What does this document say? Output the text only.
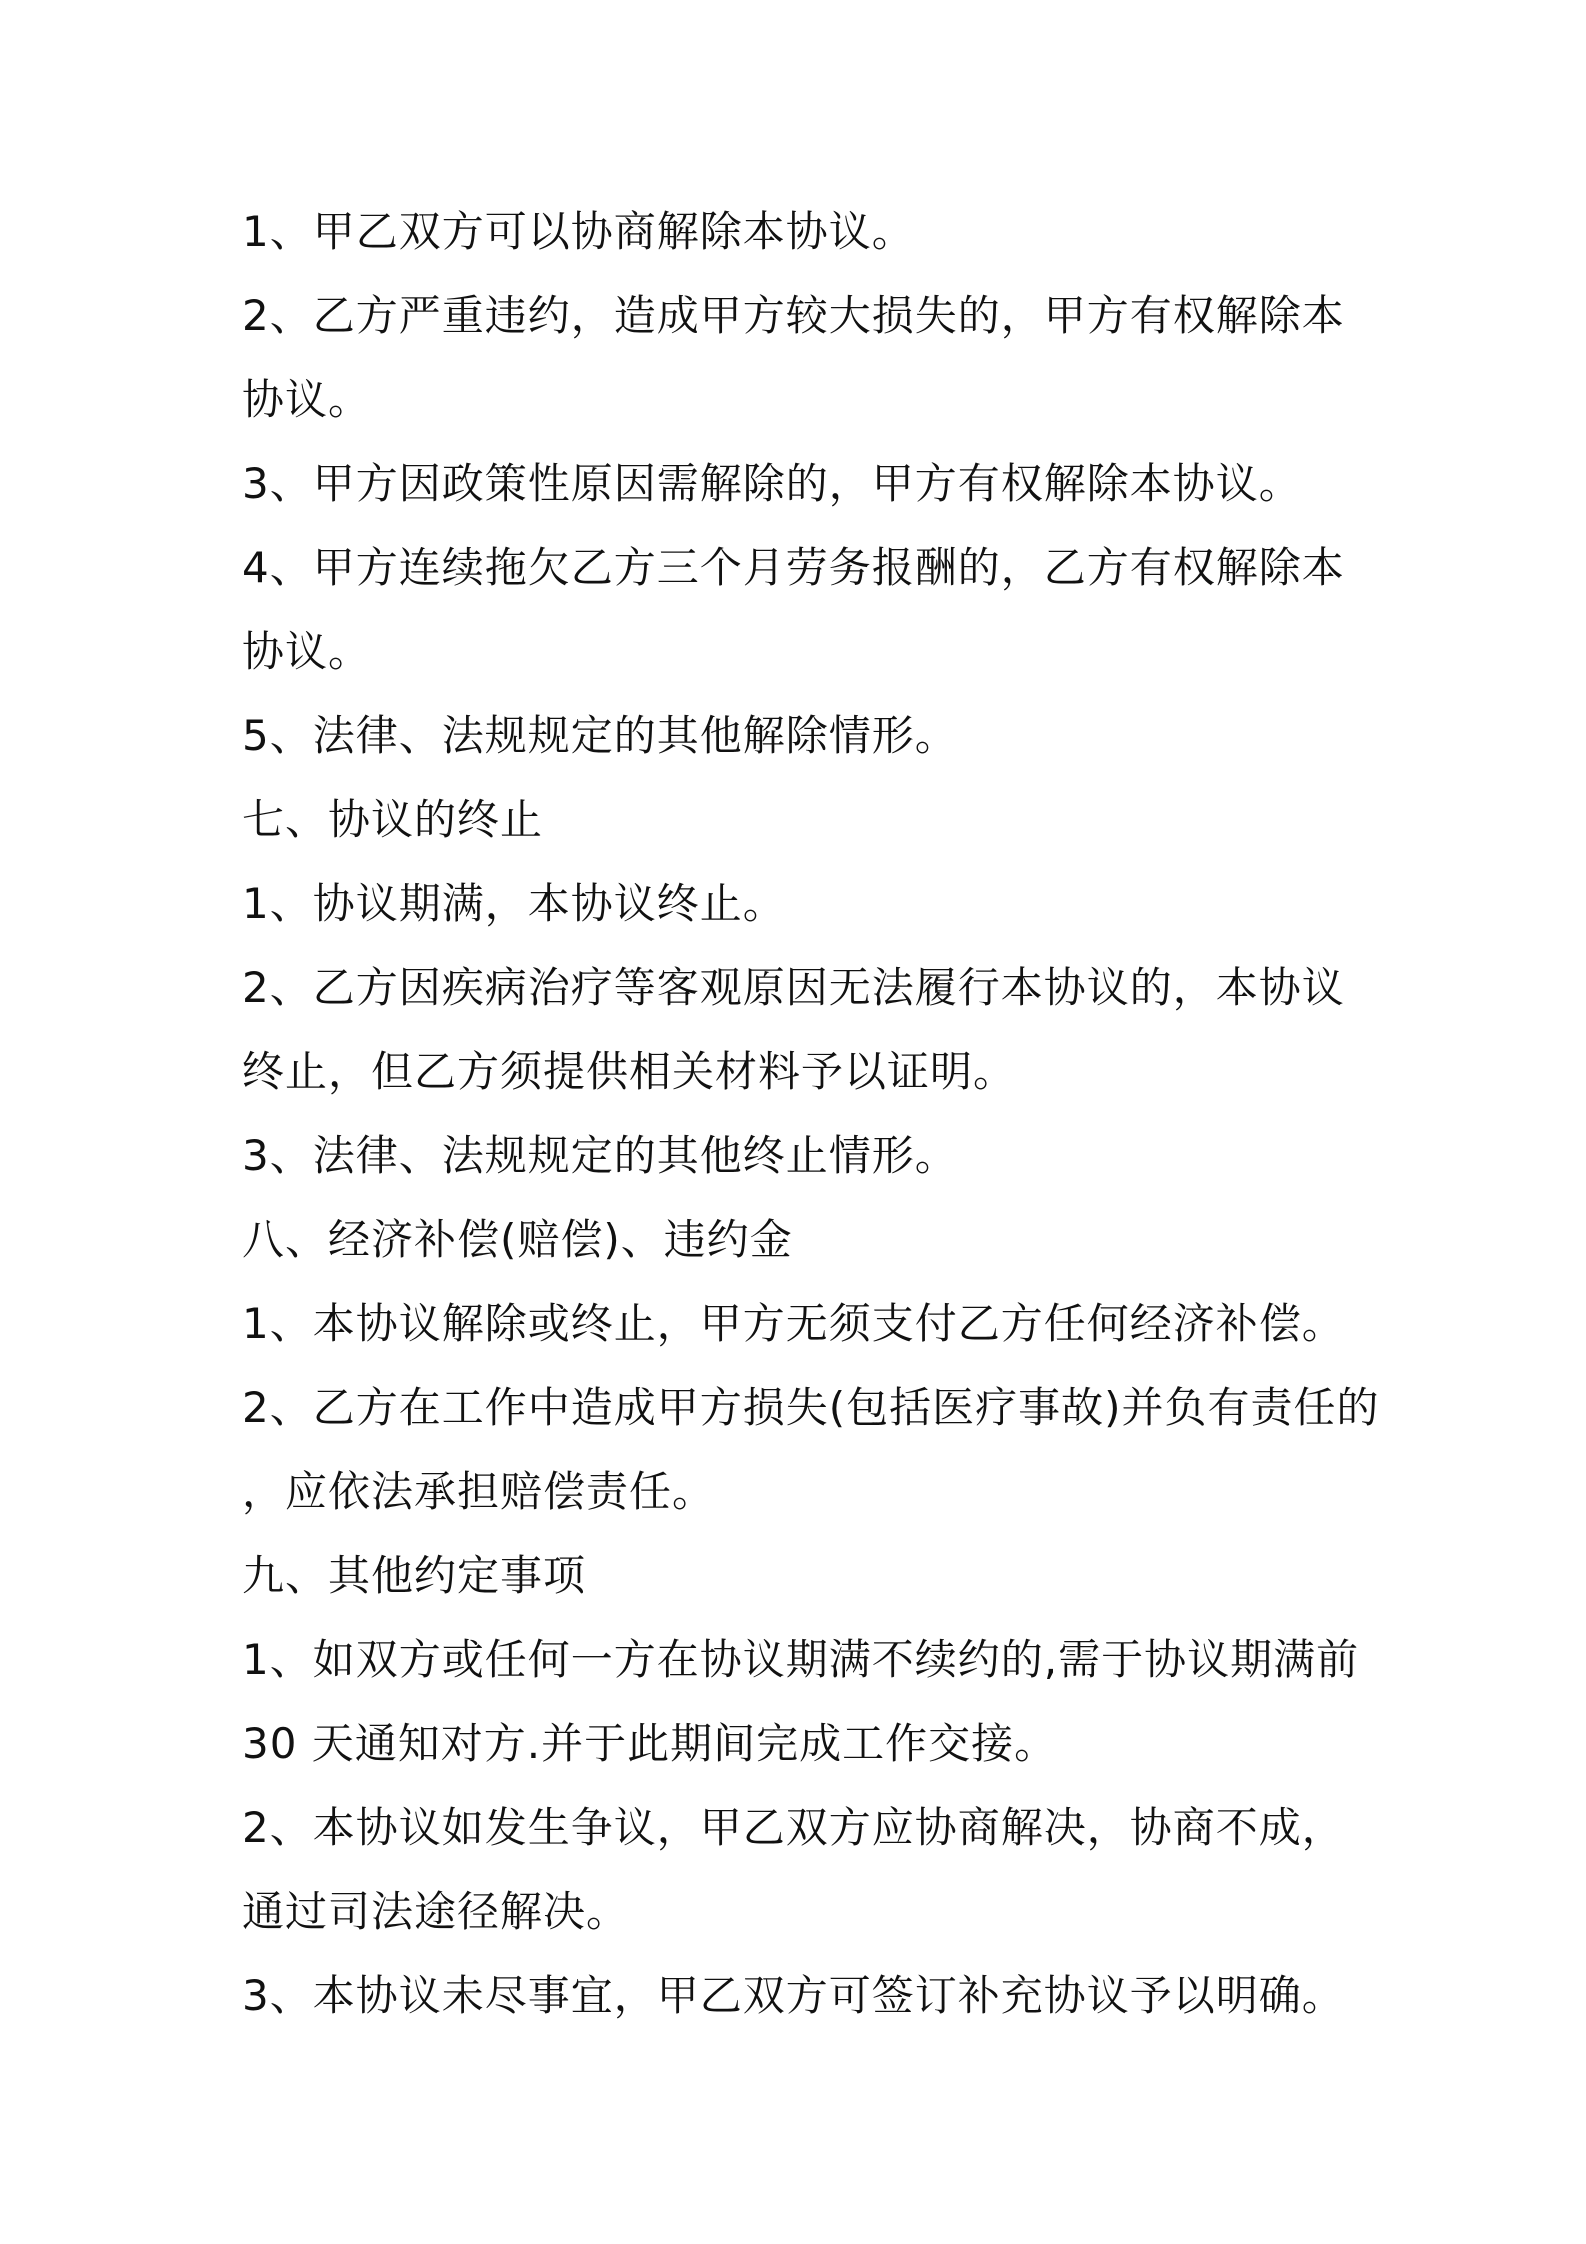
1、甲乙双方可以协商解除本协议。
2、乙方严重违约，造成甲方较大损失的，甲方有权解除本
协议。
3、甲方因政策性原因需解除的，甲方有权解除本协议。
4、甲方连续拖欠乙方三个月劳务报酬的，乙方有权解除本
协议。
5、法律、法规规定的其他解除情形。
七、协议的终止
1、协议期满，本协议终止。
2、乙方因疾病治疗等客观原因无法履行本协议的，本协议
终止，但乙方须提供相关材料予以证明。
3、法律、法规规定的其他终止情形。
八、经济补偿(赔偿)、违约金
1、本协议解除或终止，甲方无须支付乙方任何经济补偿。
2、乙方在工作中造成甲方损失(包括医疗事故)并负有责任的
，应依法承担赔偿责任。
九、其他约定事项
1、如双方或任何一方在协议期满不续约的,需于协议期满前
30 天通知对方.并于此期间完成工作交接。
2、本协议如发生争议，甲乙双方应协商解决，协商不成，
通过司法途径解决。
3、本协议未尽事宜，甲乙双方可签订补充协议予以明确。
